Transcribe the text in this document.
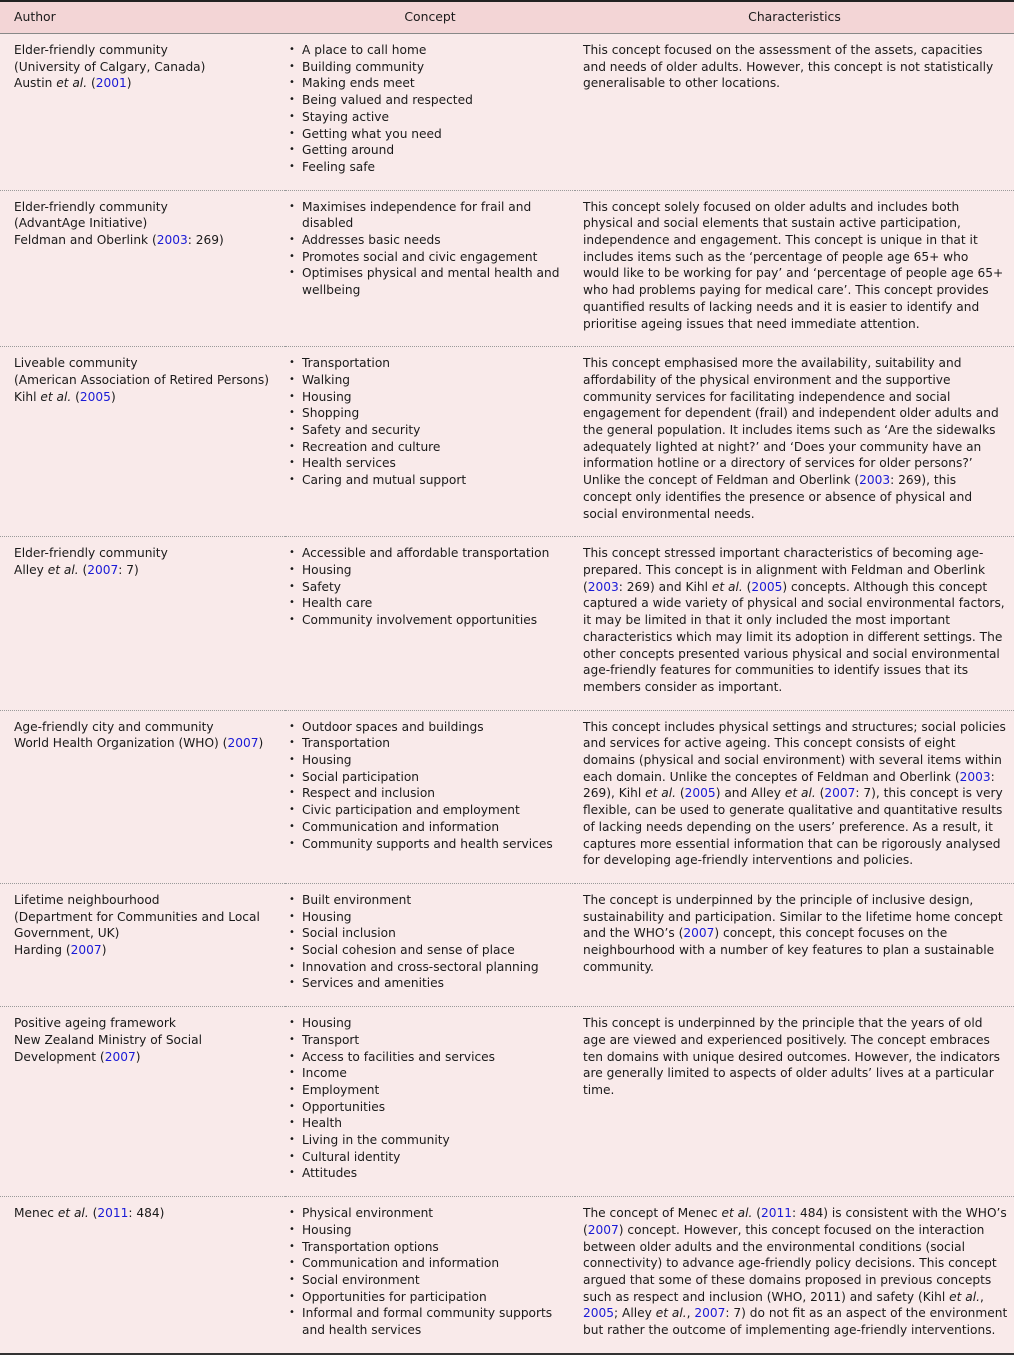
Author	Concept	Characteristics

Elder-friendly community
(University of Calgary, Canada)
Austin et al. (2001)

• A place to call home
• Building community
• Making ends meet
• Being valued and respected
• Staying active
• Getting what you need
• Getting around
• Feeling safe
	This concept focused on the assessment of the assets, capacities and needs of older adults. However, this concept is not statistically generalisable to other locations.

Elder-friendly community
(AdvantAge Initiative)
Feldman and Oberlink (2003: 269)

• Maximises independence for frail and disabled
• Addresses basic needs
• Promotes social and civic engagement
• Optimises physical and mental health and wellbeing
	This concept solely focused on older adults and includes both physical and social elements that sustain active participation, independence and engagement. This concept is unique in that it includes items such as the ‘percentage of people age 65+ who would like to be working for pay’ and ‘percentage of people age 65+ who had problems paying for medical care’. This concept provides quantified results of lacking needs and it is easier to identify and prioritise ageing issues that need immediate attention.

Liveable community
(American Association of Retired Persons)
Kihl et al. (2005)

• Transportation
• Walking
• Housing
• Shopping
• Safety and security
• Recreation and culture
• Health services
• Caring and mutual support
	This concept emphasised more the availability, suitability and affordability of the physical environment and the supportive community services for facilitating independence and social engagement for dependent (frail) and independent older adults and the general population. It includes items such as ‘Are the sidewalks adequately lighted at night?’ and ‘Does your community have an information hotline or a directory of services for older persons?’ Unlike the concept of Feldman and Oberlink (2003: 269), this concept only identifies the presence or absence of physical and social environmental needs.

Elder-friendly community
Alley et al. (2007: 7)

• Accessible and affordable transportation
• Housing
• Safety
• Health care
• Community involvement opportunities
	This concept stressed important characteristics of becoming age-prepared. This concept is in alignment with Feldman and Oberlink (2003: 269) and Kihl et al. (2005) concepts. Although this concept captured a wide variety of physical and social environmental factors, it may be limited in that it only included the most important characteristics which may limit its adoption in different settings. The other concepts presented various physical and social environmental age-friendly features for communities to identify issues that its members consider as important.

Age-friendly city and community
World Health Organization (WHO) (2007)

• Outdoor spaces and buildings
• Transportation
• Housing
• Social participation
• Respect and inclusion
• Civic participation and employment
• Communication and information
• Community supports and health services
	This concept includes physical settings and structures; social policies and services for active ageing. This concept consists of eight domains (physical and social environment) with several items within each domain. Unlike the conceptes of Feldman and Oberlink (2003: 269), Kihl et al. (2005) and Alley et al. (2007: 7), this concept is very flexible, can be used to generate qualitative and quantitative results of lacking needs depending on the users’ preference. As a result, it captures more essential information that can be rigorously analysed for developing age-friendly interventions and policies.

Lifetime neighbourhood
(Department for Communities and Local Government, UK)
Harding (2007)

• Built environment
• Housing
• Social inclusion
• Social cohesion and sense of place
• Innovation and cross-sectoral planning
• Services and amenities
	The concept is underpinned by the principle of inclusive design, sustainability and participation. Similar to the lifetime home concept and the WHO’s (2007) concept, this concept focuses on the neighbourhood with a number of key features to plan a sustainable community.

Positive ageing framework
New Zealand Ministry of Social Development (2007)

• Housing
• Transport
• Access to facilities and services
• Income
• Employment
• Opportunities
• Health
• Living in the community
• Cultural identity
• Attitudes
	This concept is underpinned by the principle that the years of old age are viewed and experienced positively. The concept embraces ten domains with unique desired outcomes. However, the indicators are generally limited to aspects of older adults’ lives at a particular time.

Menec et al. (2011: 484)

•Physical environment
• Housing
• Transportation options
• Communication and information
• Social environment
• Opportunities for participation
• Informal and formal community supports and health services
	The concept of Menec et al. (2011: 484) is consistent with the WHO’s (2007) concept. However, this concept focused on the interaction between older adults and the environmental conditions (social connectivity) to advance age-friendly policy decisions. This concept argued that some of these domains proposed in previous concepts such as respect and inclusion (WHO, 2011) and safety (Kihl et al., 2005; Alley et al., 2007: 7) do not fit as an aspect of the environment but rather the outcome of implementing age-friendly interventions.
